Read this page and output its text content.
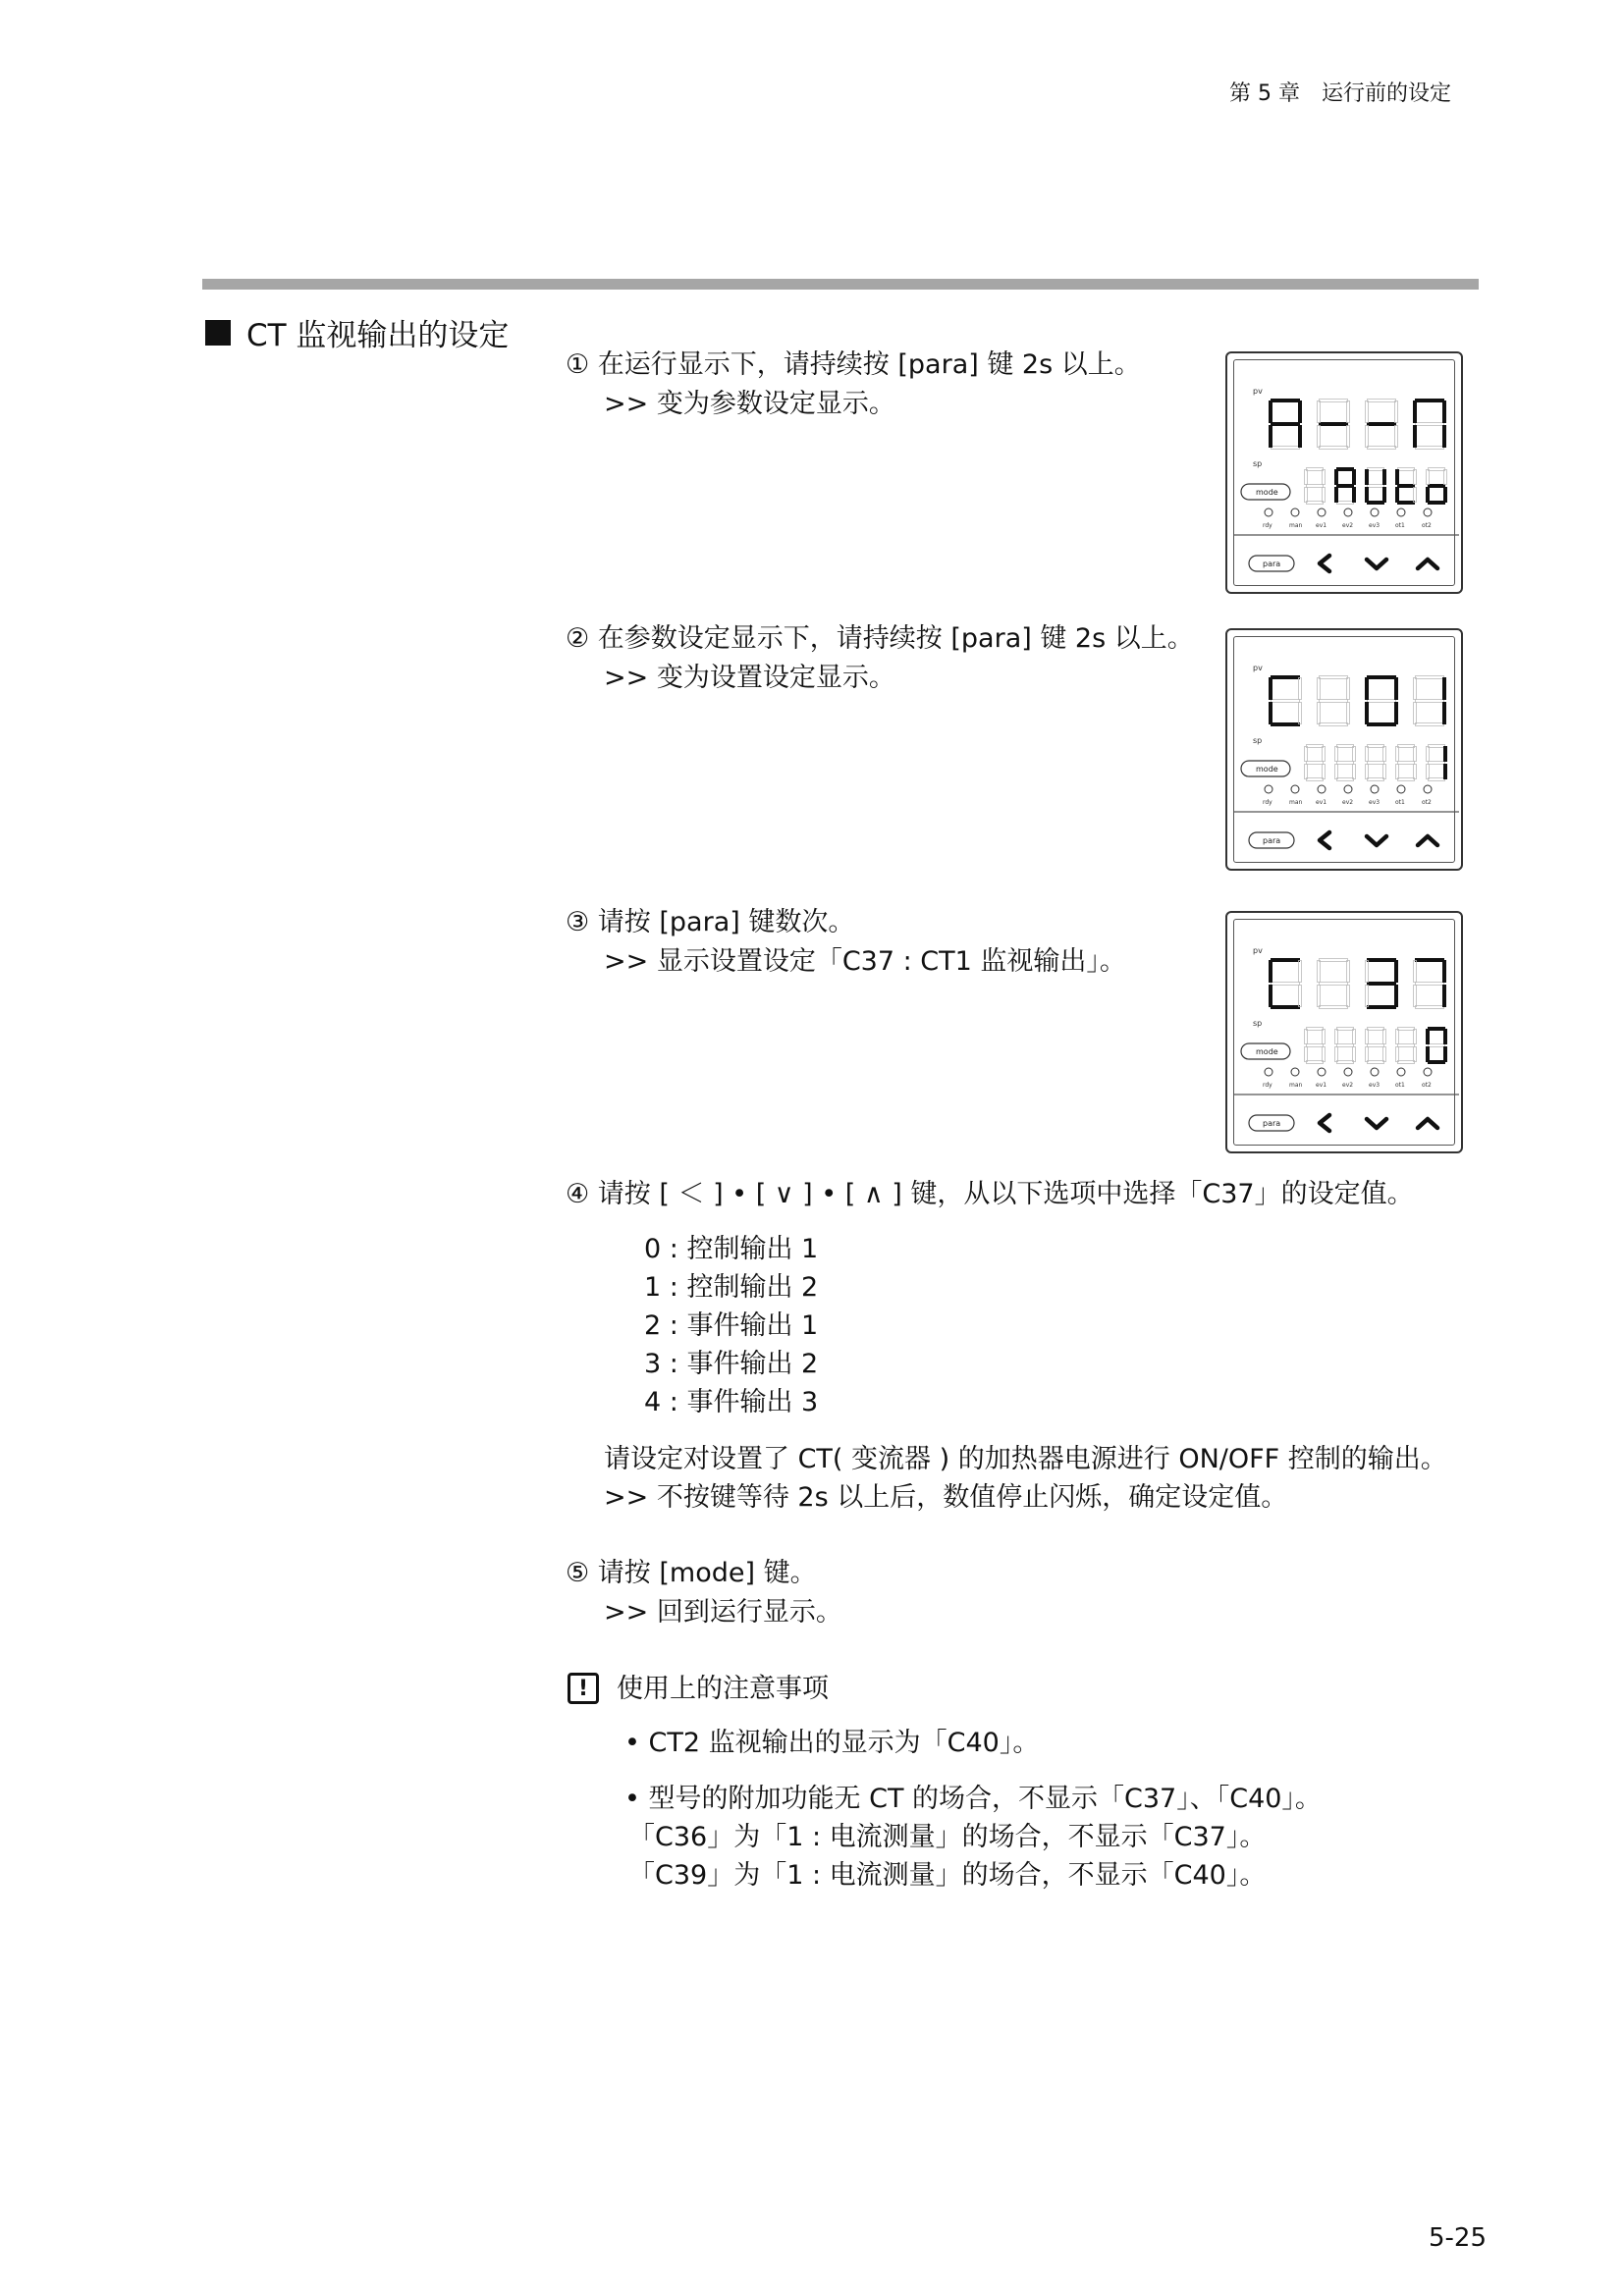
第 5 章　运行前的设定
CT 监视输出的设定
① 在运行显示下，请持续按 [para] 键 2s 以上。
>> 变为参数设定显示。
② 在参数设定显示下，请持续按 [para] 键 2s 以上。
>> 变为设置设定显示。
③ 请按 [para] 键数次。
>> 显示设置设定「C37 : CT1 监视输出」。
④ 请按 [ ＜ ] • [ ∨ ] • [ ∧ ] 键，从以下选项中选择「C37」的设定值。
0 : 控制输出 1
1 : 控制输出 2
2 : 事件输出 1
3 : 事件输出 2
4 : 事件输出 3
请设定对设置了 CT( 变流器 ) 的加热器电源进行 ON/OFF 控制的输出。
>> 不按键等待 2s 以上后，数值停止闪烁，确定设定值。
⑤ 请按 [mode] 键。
>> 回到运行显示。
!	使用上的注意事项
• CT2 监视输出的显示为「C40」。
• 型号的附加功能无 CT 的场合，不显示「C37」、「C40」。
「C36」为「1 : 电流测量」的场合，不显示「C37」。
「C39」为「1 : 电流测量」的场合，不显示「C40」。
pv
sp
mode
rdy	man ev1	ev2	ev3	ot1	ot2
para
pv
sp
mode
rdy	man ev1	ev2	ev3	ot1	ot2
para
pv
sp
mode
rdy	man ev1	ev2	ev3	ot1	ot2
para
5-25
